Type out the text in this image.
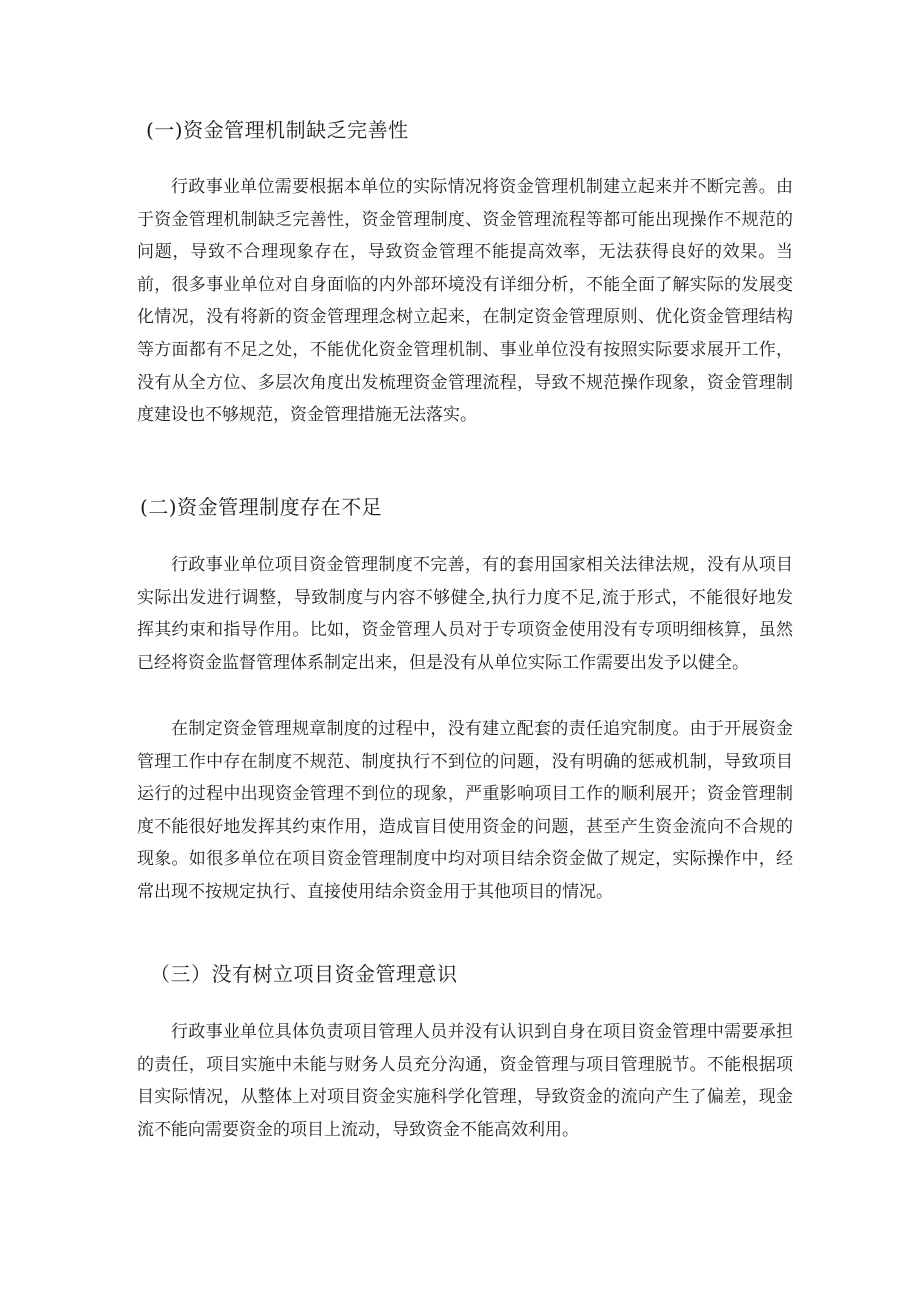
(一)资金管理机制缺乏完善性

行政事业单位需要根据本单位的实际情况将资金管理机制建立起来并不断完善。由于资金管理机制缺乏完善性，资金管理制度、资金管理流程等都可能出现操作不规范的问题，导致不合理现象存在，导致资金管理不能提高效率，无法获得良好的效果。当前，很多事业单位对自身面临的内外部环境没有详细分析，不能全面了解实际的发展变化情况，没有将新的资金管理理念树立起来，在制定资金管理原则、优化资金管理结构等方面都有不足之处，不能优化资金管理机制、事业单位没有按照实际要求展开工作，没有从全方位、多层次角度出发梳理资金管理流程，导致不规范操作现象，资金管理制度建设也不够规范，资金管理措施无法落实。

(二)资金管理制度存在不足

行政事业单位项目资金管理制度不完善，有的套用国家相关法律法规，没有从项目实际出发进行调整，导致制度与内容不够健全,执行力度不足,流于形式，不能很好地发挥其约束和指导作用。比如，资金管理人员对于专项资金使用没有专项明细核算，虽然已经将资金监督管理体系制定出来，但是没有从单位实际工作需要出发予以健全。

在制定资金管理规章制度的过程中，没有建立配套的责任追究制度。由于开展资金管理工作中存在制度不规范、制度执行不到位的问题，没有明确的惩戒机制，导致项目运行的过程中出现资金管理不到位的现象，严重影响项目工作的顺利展开；资金管理制度不能很好地发挥其约束作用，造成盲目使用资金的问题，甚至产生资金流向不合规的现象。如很多单位在项目资金管理制度中均对项目结余资金做了规定，实际操作中，经常出现不按规定执行、直接使用结余资金用于其他项目的情况。

（三）没有树立项目资金管理意识

行政事业单位具体负责项目管理人员并没有认识到自身在项目资金管理中需要承担的责任，项目实施中未能与财务人员充分沟通，资金管理与项目管理脱节。不能根据项目实际情况，从整体上对项目资金实施科学化管理，导致资金的流向产生了偏差，现金流不能向需要资金的项目上流动，导致资金不能高效利用。
